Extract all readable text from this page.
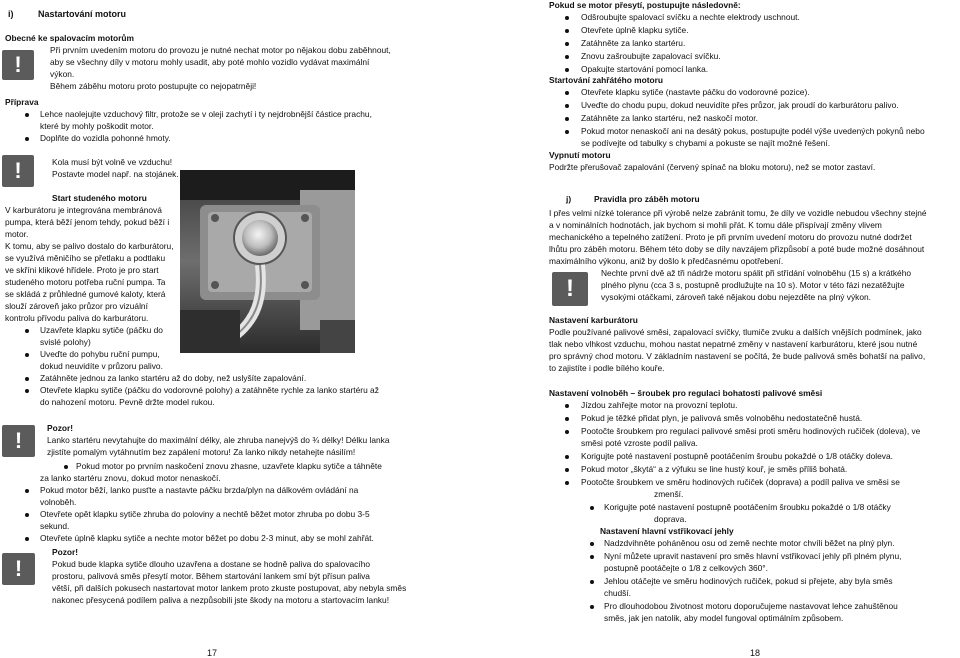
i)	Nastartování motoru
Obecné ke spalovacím motorům
!
Při prvním uvedením motoru do provozu je nutné nechat motor po nějakou dobu zaběhnout,
aby se všechny díly v motoru mohly usadit, aby poté mohlo vozidlo vydávat maximální
výkon.
Během záběhu motoru proto postupujte co nejopatrněji!
Příprava
Lehce naolejujte vzduchový filtr, protože se v oleji zachytí i ty nejdrobnější částice prachu,
které by mohly poškodit motor.
Doplňte do vozidla pohonné hmoty.
!
Kola musí být volně ve vzduchu!
Postavte model např. na stojánek.
Start studeného motoru
V karburátoru je integrována membránová
pumpa, která běží jenom tehdy, pokud běží i
motor.
K tomu, aby se palivo dostalo do karburátoru,
se využívá měničího se přetlaku a podtlaku
ve skříni klikové hřídele. Proto je pro start
studeného motoru potřeba ruční pumpa. Ta
se skládá z průhledné gumové kaloty, která
slouží zároveň jako průzor pro vizuální
kontrolu přívodu paliva do karburátoru.
Uzavřete klapku sytiče (páčku do
svislé polohy)
Uveďte do pohybu ruční pumpu,
dokud neuvidíte v průzoru palivo.
Zatáhněte jednou za lanko startéru až do doby, než uslyšíte zapalování.
Otevřete klapku sytiče (páčku do vodorovné polohy) a zatáhněte rychle za lanko startéru až
do nahození motoru. Pevně držte model rukou.
!
Pozor!
Lanko startéru nevytahujte do maximální délky, ale zhruba nanejvýš do ¾ délky! Délku lanka
zjistíte pomalým vytáhnutím bez zapálení motoru! Za lanko nikdy netahejte násilím!
Pokud motor po prvním naskočení znovu zhasne, uzavřete klapku sytiče a táhněte
za lanko startéru znovu, dokud motor nenaskočí.
Pokud motor běží, lanko pusťte a nastavte páčku brzda/plyn na dálkovém ovládání na
volnoběh.
Otevřete opět klapku sytiče zhruba do poloviny a nechtě běžet motor zhruba po dobu 3-5
sekund.
Otevřete úplně klapku sytiče a nechte motor běžet po dobu 2-3 minut, aby se mohl zahřát.
!
Pozor!
Pokud bude klapka sytiče dlouho uzavřena a dostane se hodně paliva do spalovacího
prostoru, palivová směs přesytí motor. Během startování lankem smí být přísun paliva
větší, při dalších pokusech nastartovat motor lankem proto zkuste postupovat, aby nebyla směs
nakonec přesycená podílem paliva a nezpůsobili jste škody na motoru a startovacím lanku!
17
Pokud se motor přesytí, postupujte následovně:
Odšroubujte spalovací svíčku a nechte elektrody uschnout.
Otevřete úplně klapku sytiče.
Zatáhněte za lanko startéru.
Znovu zašroubujte zapalovací svíčku.
Opakujte startování pomocí lanka.
Startování zahřátého motoru
Otevřete klapku sytiče (nastavte páčku do vodorovné pozice).
Uveďte do chodu pupu, dokud neuvidíte přes průzor, jak proudí do karburátoru palivo.
Zatáhněte za lanko startéru, než naskočí motor.
Pokud motor nenaskočí ani na desátý pokus, postupujte podél výše uvedených pokynů nebo
se podívejte od tabulky s chybami a pokuste se najít možné řešení.
Vypnutí motoru
Podržte přerušovač zapalování (červený spínač na bloku motoru), než se motor zastaví.
j)	Pravidla pro záběh motoru
I přes velmi nízké tolerance při výrobě nelze zabránit tomu, že díly ve vozidle nebudou všechny stejné
a v nominálních hodnotách, jak bychom si mohli přát. K tomu dále přispívají změny vlivem
mechanického a tepelného zatížení. Proto je při prvním uvedení motoru do provozu nutné dodržet
lhůtu pro záběh motoru. Během této doby se díly navzájem přizpůsobí a poté bude možné dosáhnout
maximálního výkonu, aniž by došlo k předčasnému opotřebení.
!
Nechte první dvě až tři nádrže motoru spálit při střídání volnoběhu (15 s) a krátkého
plného plynu (cca 3 s, postupně prodlužujte na 10 s). Motor v této fázi nezatěžujte
vysokými otáčkami, zároveň také nějakou dobu nejezděte na plný výkon.
Nastavení karburátoru
Podle používané palivové směsi, zapalovací svíčky, tlumiče zvuku a dalších vnějších podmínek, jako
tlak nebo vlhkost vzduchu, mohou nastat nepatrné změny v nastavení karburátoru, které jsou nutné
pro správný chod motoru. V základním nastavení se počítá, že bude palivová směs bohatší na palivo,
to zajistíte i podle bílého kouře.
Nastavení volnoběh – šroubek pro regulaci bohatosti palivové směsi
Jízdou zahřejte motor na provozní teplotu.
Pokud je těžké přidat plyn, je palivová směs volnoběhu nedostatečně hustá.
Pootočte šroubkem pro regulaci palivové směsi proti směru hodinových ručiček (doleva), ve
směsi poté vzroste podíl paliva.
Korigujte poté nastavení postupně pootáčením šroubu pokaždé o 1/8 otáčky doleva.
Pokud motor „škytá“ a z výfuku se line hustý kouř, je směs příliš bohatá.
Pootočte šroubkem ve směru hodinových ručiček (doprava) a podíl paliva ve směsi se
zmenší.
Korigujte poté nastavení postupně pootáčením šroubku pokaždé o 1/8 otáčky
doprava.
Nastavení hlavní vstřikovací jehly
Nadzdvihněte poháněnou osu od země nechte motor chvíli běžet na plný plyn.
Nyní můžete upravit nastavení pro směs hlavní vstřikovací jehly při plném plynu,
postupně pootáčejte o 1/8 z celkových 360°.
Jehlou otáčejte ve směru hodinových ručiček, pokud si přejete, aby byla směs
chudší.
Pro dlouhodobou životnost motoru doporučujeme nastavovat lehce zahuštěnou
směs, jak jen natolik, aby model fungoval optimálním způsobem.
18
